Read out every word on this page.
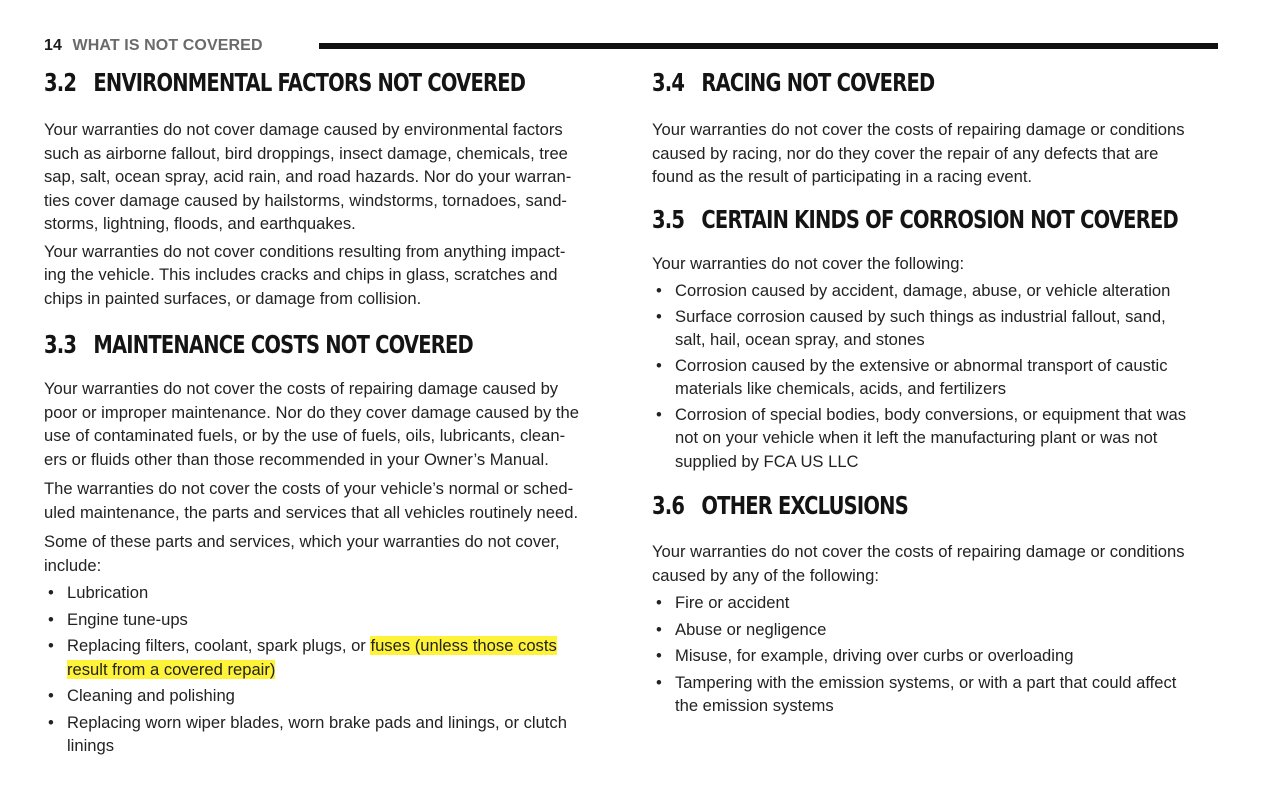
14 WHAT IS NOT COVERED
3.2 ENVIRONMENTAL FACTORS NOT COVERED

Your warranties do not cover damage caused by environmental factors
such as airborne fallout, bird droppings, insect damage, chemicals, tree
sap, salt, ocean spray, acid rain, and road hazards. Nor do your warran-
ties cover damage caused by hailstorms, windstorms, tornadoes, sand-
storms, lightning, floods, and earthquakes.

Your warranties do not cover conditions resulting from anything impact-
ing the vehicle. This includes cracks and chips in glass, scratches and
chips in painted surfaces, or damage from collision.

3.3 MAINTENANCE COSTS NOT COVERED

Your warranties do not cover the costs of repairing damage caused by
poor or improper maintenance. Nor do they cover damage caused by the
use of contaminated fuels, or by the use of fuels, oils, lubricants, clean-
ers or fluids other than those recommended in your Owner’s Manual.

The warranties do not cover the costs of your vehicle’s normal or sched-
uled maintenance, the parts and services that all vehicles routinely need.

Some of these parts and services, which your warranties do not cover,
include:

• Lubrication
• Engine tune-ups
• Replacing filters, coolant, spark plugs, or fuses (unless those costs
result from a covered repair)
• Cleaning and polishing
• Replacing worn wiper blades, worn brake pads and linings, or clutch
linings
3.4 RACING NOT COVERED

Your warranties do not cover the costs of repairing damage or conditions
caused by racing, nor do they cover the repair of any defects that are
found as the result of participating in a racing event.

3.5 CERTAIN KINDS OF CORROSION NOT COVERED

Your warranties do not cover the following:

• Corrosion caused by accident, damage, abuse, or vehicle alteration
• Surface corrosion caused by such things as industrial fallout, sand,
salt, hail, ocean spray, and stones
• Corrosion caused by the extensive or abnormal transport of caustic
materials like chemicals, acids, and fertilizers
• Corrosion of special bodies, body conversions, or equipment that was
not on your vehicle when it left the manufacturing plant or was not
supplied by FCA US LLC
3.6 OTHER EXCLUSIONS

Your warranties do not cover the costs of repairing damage or conditions
caused by any of the following:

• Fire or accident
• Abuse or negligence
• Misuse, for example, driving over curbs or overloading
• Tampering with the emission systems, or with a part that could affect
the emission systems
